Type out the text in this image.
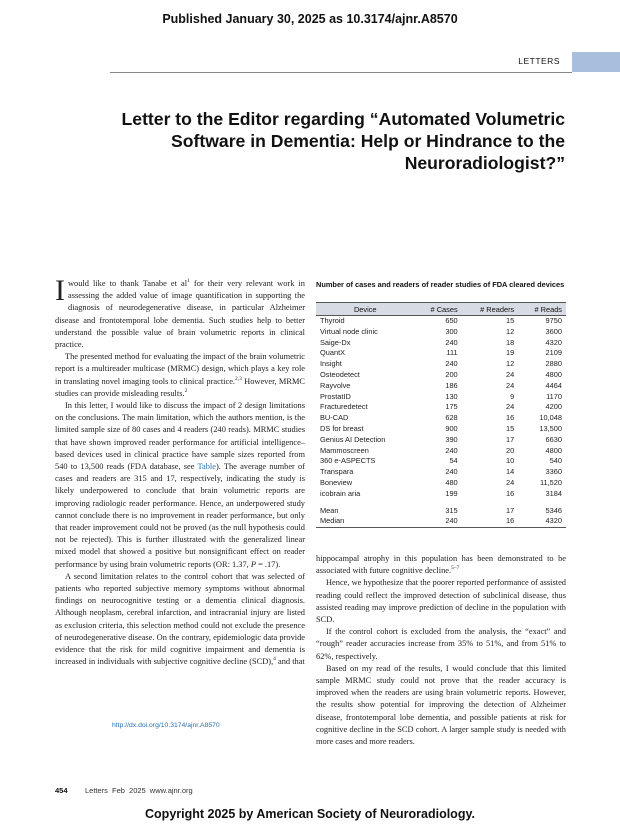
Published January 30, 2025 as 10.3174/ajnr.A8570
LETTERS
Letter to the Editor regarding “Automated Volumetric Software in Dementia: Help or Hindrance to the Neuroradiologist?”

I would like to thank Tanabe et $al^1$ for their very relevant work in assessing the added value of image quantification in supporting the diagnosis of neurodegenerative disease, in particular Alzheimer disease and frontotemporal lobe dementia. Such studies help to better understand the possible value of brain volumetric reports in clinical practice.

The presented method for evaluating the impact of the brain volumetric report is a multireader multicase (MRMC) design, which plays a key role in translating novel imaging tools to clinical practice.$^{2,3}$ However, MRMC studies can provide misleading results.$^2$

In this letter, I would like to discuss the impact of 2 design limitations on the conclusions. The main limitation, which the authors mention, is the limited sample size of 80 cases and 4 readers (240 reads). MRMC studies that have shown improved reader performance for artificial intelligence–based devices used in clinical practice have sample sizes reported from 540 to 13,500 reads (FDA database, see Table). The average number of cases and readers are 315 and 17, respectively, indicating the study is likely underpowered to conclude that brain volumetric reports are improving radiologic reader performance. Hence, an underpowered study cannot conclude there is no improvement in reader performance, but only that reader improvement could not be proved (as the null hypothesis could not be rejected). This is further illustrated with the generalized linear mixed model that showed a positive but nonsignificant effect on reader performance by using brain volumetric reports (OR: 1.37, P = .17).

A second limitation relates to the control cohort that was selected of patients who reported subjective memory symptoms without abnormal findings on neurocognitive testing or a dementia clinical diagnosis. Although neoplasm, cerebral infarction, and intracranial injury are listed as exclusion criteria, this selection method could not exclude the presence of neurodegenerative disease. On the contrary, epidemiologic data provide evidence that the risk for mild cognitive impairment and dementia is increased in individuals with subjective cognitive decline (SCD),$^4$ and that

Number of cases and readers of reader studies of FDA cleared devices
Device	# Cases	# Readers	# Reads
Thyroid	650	15	9750
Virtual node clinic	300	12	3600
Saige-Dx	240	18	4320
QuantX	111	19	2109
Insight	240	12	2880
Osteodetect	200	24	4800
Rayvolve	186	24	4464
ProstatID	130	9	1170
Fracturedetect	175	24	4200
BU-CAD	628	16	10,048
DS for breast	900	15	13,500
Genius AI Detection	390	17	6630
Mammoscreen	240	20	4800
360 e-ASPECTS	54	10	540
Transpara	240	14	3360
Boneview	480	24	11,520
icobrain aria	199	16	3184

Mean	315	17	5346
Median	240	16	4320

hippocampal atrophy in this population has been demonstrated to be associated with future cognitive decline.$^{5-7}$

Hence, we hypothesize that the poorer reported performance of assisted reading could reflect the improved detection of subclinical disease, thus assisted reading may improve prediction of decline in the population with SCD.

If the control cohort is excluded from the analysis, the “exact” and “rough” reader accuracies increase from 35% to 51%, and from 51% to 62%, respectively.

Based on my read of the results, I would conclude that this limited sample MRMC study could not prove that the reader accuracy is improved when the readers are using brain volumetric reports. However, the results show potential for improving the detection of Alzheimer disease, frontotemporal lobe dementia, and possible patients at risk for cognitive decline in the SCD cohort. A larger sample study is needed with more cases and more readers.

http://dx.doi.org/10.3174/ajnr.A8570
454 Letters Feb 2025 www.ajnr.org
Copyright 2025 by American Society of Neuroradiology.
